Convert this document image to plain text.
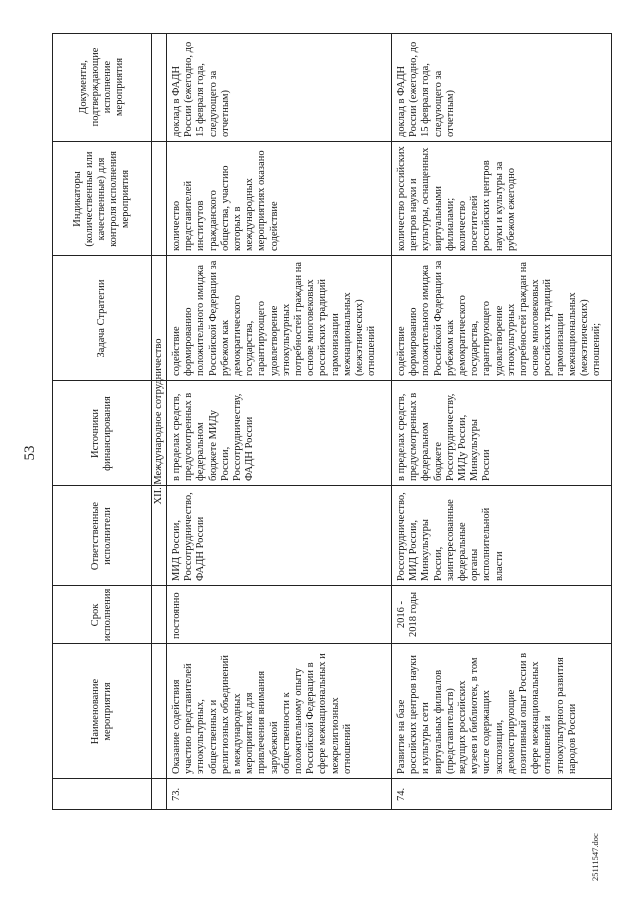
53
Наименование мероприятия
Срок исполнения
Ответственные исполнители
Источники финансирования
Задача Стратегии
Индикаторы (количественные или качественные) для контроля исполнения мероприятия
Документы, подтверждающие исполнение мероприятия
XII. Международное сотрудничество
73.
Оказание содействия участию представителей этнокультурных, общественных и религиозных объединений в международных мероприятиях для привлечения внимания зарубежной общественности к положительному опыту Российской Федерации в сфере межнациональных и межрелигиозных отношений
постоянно
МИД России, Россотрудничество, ФАДН России
в пределах средств, предусмотренных в федеральном бюджете МИДу России, Россотрудничеству, ФАДН России
содействие формированию положительного имиджа Российской Федерации за рубежом как демократического государства, гарантирующего удовлетворение этнокультурных потребностей граждан на основе многовековых российских традиций гармонизации межнациональных (межэтнических) отношений
количество представителей институтов гражданского общества, участию которых в международных мероприятиях оказано содействие
доклад в ФАДН России (ежегодно, до 15 февраля года, следующего за отчетным)
74.
Развитие на базе российских центров науки и культуры сети виртуальных филиалов (представительств) ведущих российских музеев и библиотек, в том числе содержащих экспозиции, демонстрирующие позитивный опыт России в сфере межнациональных отношений и этнокультурного развития народов России
2016 - 2018 годы
Россотрудничество, МИД России, Минкультуры России, заинтересованные федеральные органы исполнительной власти
в пределах средств, предусмотренных в федеральном бюджете Россотрудничеству, МИДу России, Минкультуры России
содействие формированию положительного имиджа Российской Федерации за рубежом как демократического государства, гарантирующего удовлетворение этнокультурных потребностей граждан на основе многовековых российских традиций гармонизации межнациональных (межэтнических) отношений;
количество российских центров науки и культуры, оснащенных виртуальными филиалами; количество посетителей российских центров науки и культуры за рубежом ежегодно
доклад в ФАДН России (ежегодно, до 15 февраля года, следующего за отчетным)
25111547.doc
